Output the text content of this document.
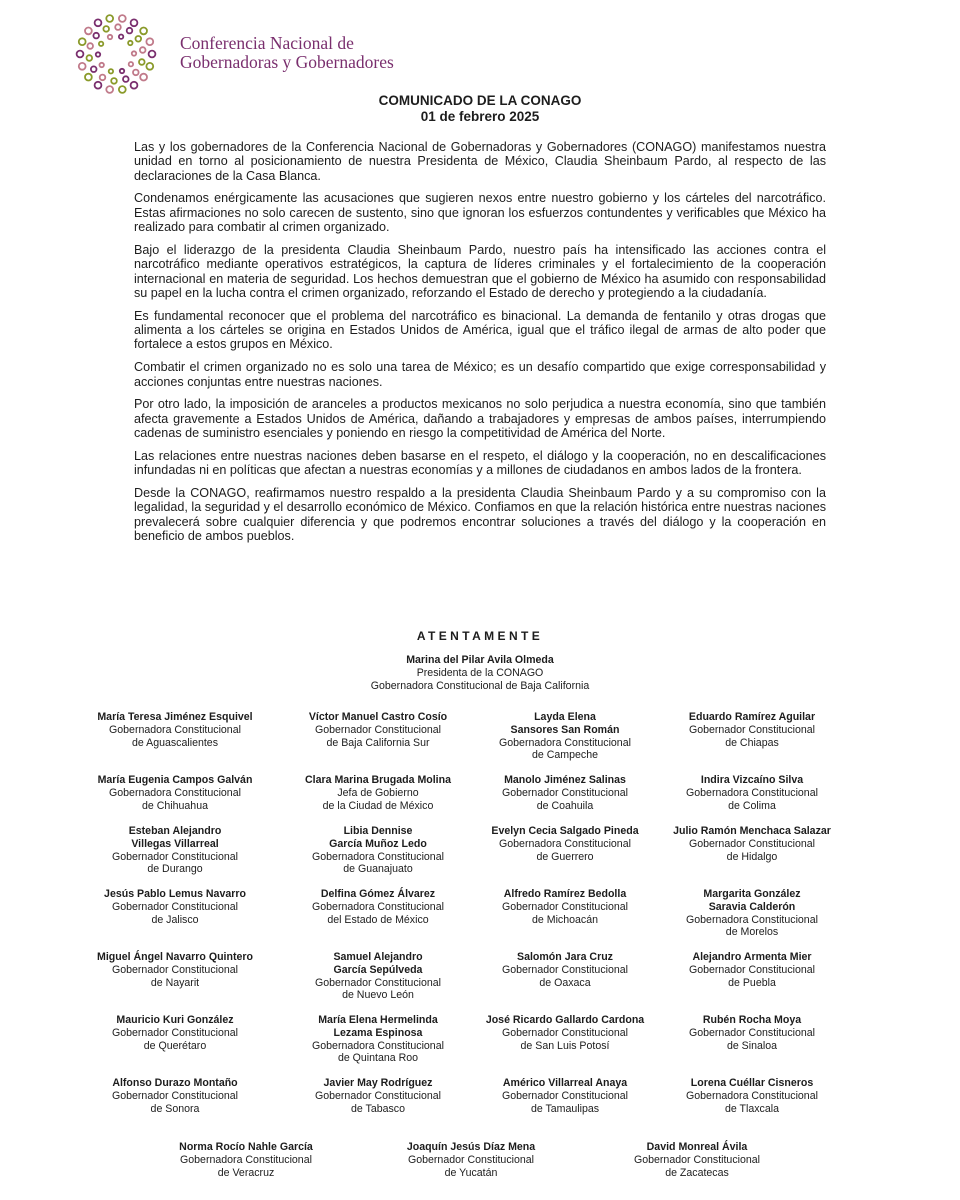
Conferencia Nacional de
Gobernadoras y Gobernadores
COMUNICADO DE LA CONAGO
01 de febrero 2025

Las y los gobernadores de la Conferencia Nacional de Gobernadoras y Gobernadores (CONAGO) manifestamos nuestra unidad en torno al posicionamiento de nuestra Presidenta de México, Claudia Sheinbaum Pardo, al respecto de las declaraciones de la Casa Blanca.

Condenamos enérgicamente las acusaciones que sugieren nexos entre nuestro gobierno y los cárteles del narcotráfico. Estas afirmaciones no solo carecen de sustento, sino que ignoran los esfuerzos contundentes y verificables que México ha realizado para combatir al crimen organizado.

Bajo el liderazgo de la presidenta Claudia Sheinbaum Pardo, nuestro país ha intensificado las acciones contra el narcotráfico mediante operativos estratégicos, la captura de líderes criminales y el fortalecimiento de la cooperación internacional en materia de seguridad. Los hechos demuestran que el gobierno de México ha asumido con responsabilidad su papel en la lucha contra el crimen organizado, reforzando el Estado de derecho y protegiendo a la ciudadanía.

Es fundamental reconocer que el problema del narcotráfico es binacional. La demanda de fentanilo y otras drogas que alimenta a los cárteles se origina en Estados Unidos de América, igual que el tráfico ilegal de armas de alto poder que fortalece a estos grupos en México.

Combatir el crimen organizado no es solo una tarea de México; es un desafío compartido que exige corresponsabilidad y acciones conjuntas entre nuestras naciones.

Por otro lado, la imposición de aranceles a productos mexicanos no solo perjudica a nuestra economía, sino que también afecta gravemente a Estados Unidos de América, dañando a trabajadores y empresas de ambos países, interrumpiendo cadenas de suministro esenciales y poniendo en riesgo la competitividad de América del Norte.

Las relaciones entre nuestras naciones deben basarse en el respeto, el diálogo y la cooperación, no en descalificaciones infundadas ni en políticas que afectan a nuestras economías y a millones de ciudadanos en ambos lados de la frontera.

Desde la CONAGO, reafirmamos nuestro respaldo a la presidenta Claudia Sheinbaum Pardo y a su compromiso con la legalidad, la seguridad y el desarrollo económico de México. Confiamos en que la relación histórica entre nuestras naciones prevalecerá sobre cualquier diferencia y que podremos encontrar soluciones a través del diálogo y la cooperación en beneficio de ambos pueblos.

ATENTAMENTE
Marina del Pilar Avila Olmeda
Presidenta de la CONAGO
Gobernadora Constitucional de Baja California
María Teresa Jiménez Esquivel
Gobernadora Constitucional
de Aguascalientes
Víctor Manuel Castro Cosío
Gobernador Constitucional
de Baja California Sur
Layda Elena
Sansores San Román
Gobernadora Constitucional
de Campeche
Eduardo Ramírez Aguilar
Gobernador Constitucional
de Chiapas
María Eugenia Campos Galván
Gobernadora Constitucional
de Chihuahua
Clara Marina Brugada Molina
Jefa de Gobierno
de la Ciudad de México
Manolo Jiménez Salinas
Gobernador Constitucional
de Coahuila
Indira Vizcaíno Silva
Gobernadora Constitucional
de Colima
Esteban Alejandro
Villegas Villarreal
Gobernador Constitucional
de Durango
Libia Dennise
García Muñoz Ledo
Gobernadora Constitucional
de Guanajuato
Evelyn Cecia Salgado Pineda
Gobernadora Constitucional
de Guerrero
Julio Ramón Menchaca Salazar
Gobernador Constitucional
de Hidalgo
Jesús Pablo Lemus Navarro
Gobernador Constitucional
de Jalisco
Delfina Gómez Álvarez
Gobernadora Constitucional
del Estado de México
Alfredo Ramírez Bedolla
Gobernador Constitucional
de Michoacán
Margarita González
Saravia Calderón
Gobernadora Constitucional
de Morelos
Miguel Ángel Navarro Quintero
Gobernador Constitucional
de Nayarit
Samuel Alejandro
García Sepúlveda
Gobernador Constitucional
de Nuevo León
Salomón Jara Cruz
Gobernador Constitucional
de Oaxaca
Alejandro Armenta Mier
Gobernador Constitucional
de Puebla
Mauricio Kuri González
Gobernador Constitucional
de Querétaro
María Elena Hermelinda
Lezama Espinosa
Gobernadora Constitucional
de Quintana Roo
José Ricardo Gallardo Cardona
Gobernador Constitucional
de San Luis Potosí
Rubén Rocha Moya
Gobernador Constitucional
de Sinaloa
Alfonso Durazo Montaño
Gobernador Constitucional
de Sonora
Javier May Rodríguez
Gobernador Constitucional
de Tabasco
Américo Villarreal Anaya
Gobernador Constitucional
de Tamaulipas
Lorena Cuéllar Cisneros
Gobernadora Constitucional
de Tlaxcala
Norma Rocío Nahle García
Gobernadora Constitucional
de Veracruz
Joaquín Jesús Díaz Mena
Gobernador Constitucional
de Yucatán
David Monreal Ávila
Gobernador Constitucional
de Zacatecas
